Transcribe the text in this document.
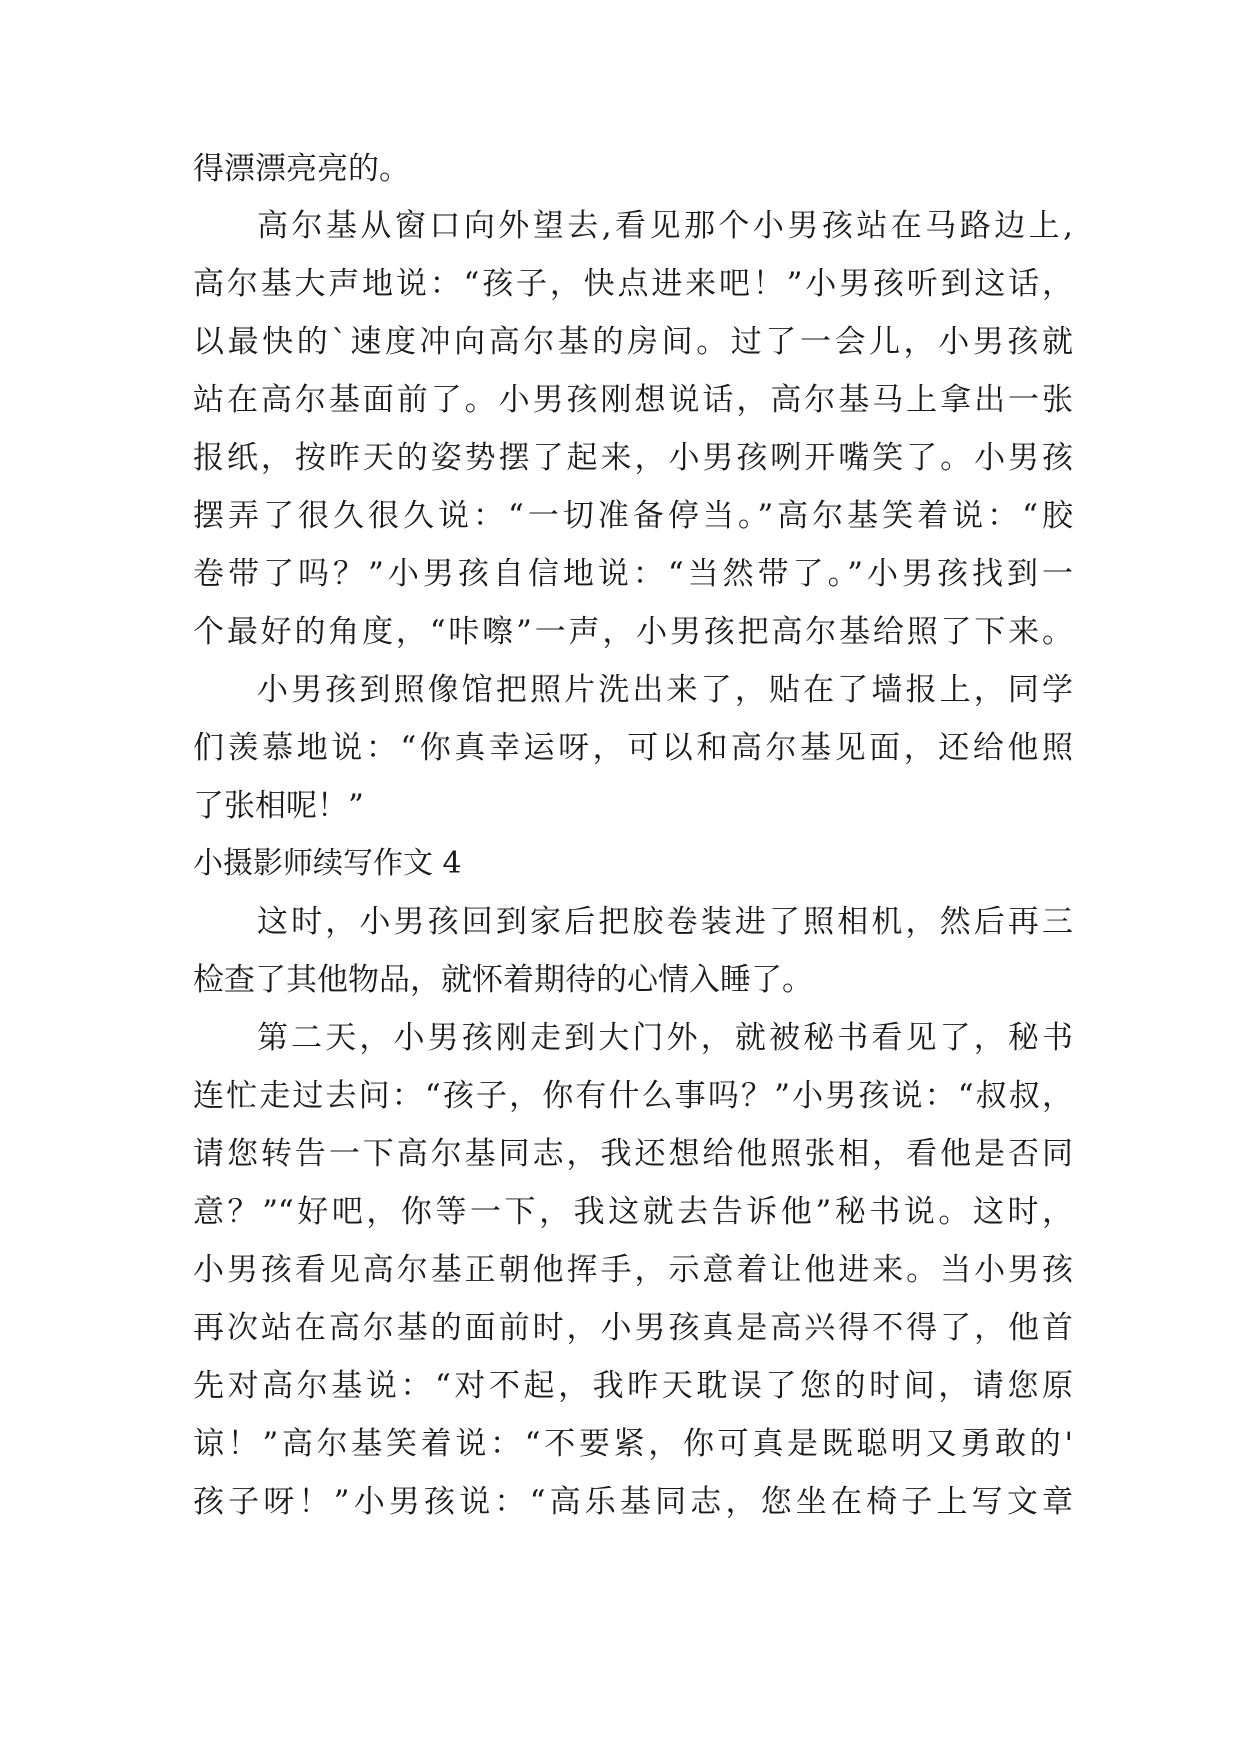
得漂漂亮亮的。
高尔基从窗口向外望去,看见那个小男孩站在马路边上,
高尔基大声地说：“孩子，快点进来吧！”小男孩听到这话，
以最快的`速度冲向高尔基的房间。过了一会儿，小男孩就
站在高尔基面前了。小男孩刚想说话，高尔基马上拿出一张
报纸，按昨天的姿势摆了起来，小男孩咧开嘴笑了。小男孩
摆弄了很久很久说：“一切准备停当。”高尔基笑着说：“胶
卷带了吗？”小男孩自信地说：“当然带了。”小男孩找到一
个最好的角度，“咔嚓”一声，小男孩把高尔基给照了下来。
小男孩到照像馆把照片洗出来了，贴在了墙报上，同学
们羡慕地说：“你真幸运呀，可以和高尔基见面，还给他照
了张相呢！”
小摄影师续写作文 4
这时，小男孩回到家后把胶卷装进了照相机，然后再三
检查了其他物品，就怀着期待的心情入睡了。
第二天，小男孩刚走到大门外，就被秘书看见了，秘书
连忙走过去问：“孩子，你有什么事吗？”小男孩说：“叔叔，
请您转告一下高尔基同志，我还想给他照张相，看他是否同
意？”“好吧，你等一下，我这就去告诉他”秘书说。这时，
小男孩看见高尔基正朝他挥手，示意着让他进来。当小男孩
再次站在高尔基的面前时，小男孩真是高兴得不得了，他首
先对高尔基说：“对不起，我昨天耽误了您的时间，请您原
谅！”高尔基笑着说：“不要紧，你可真是既聪明又勇敢的'
孩子呀！”小男孩说：“高乐基同志，您坐在椅子上写文章
